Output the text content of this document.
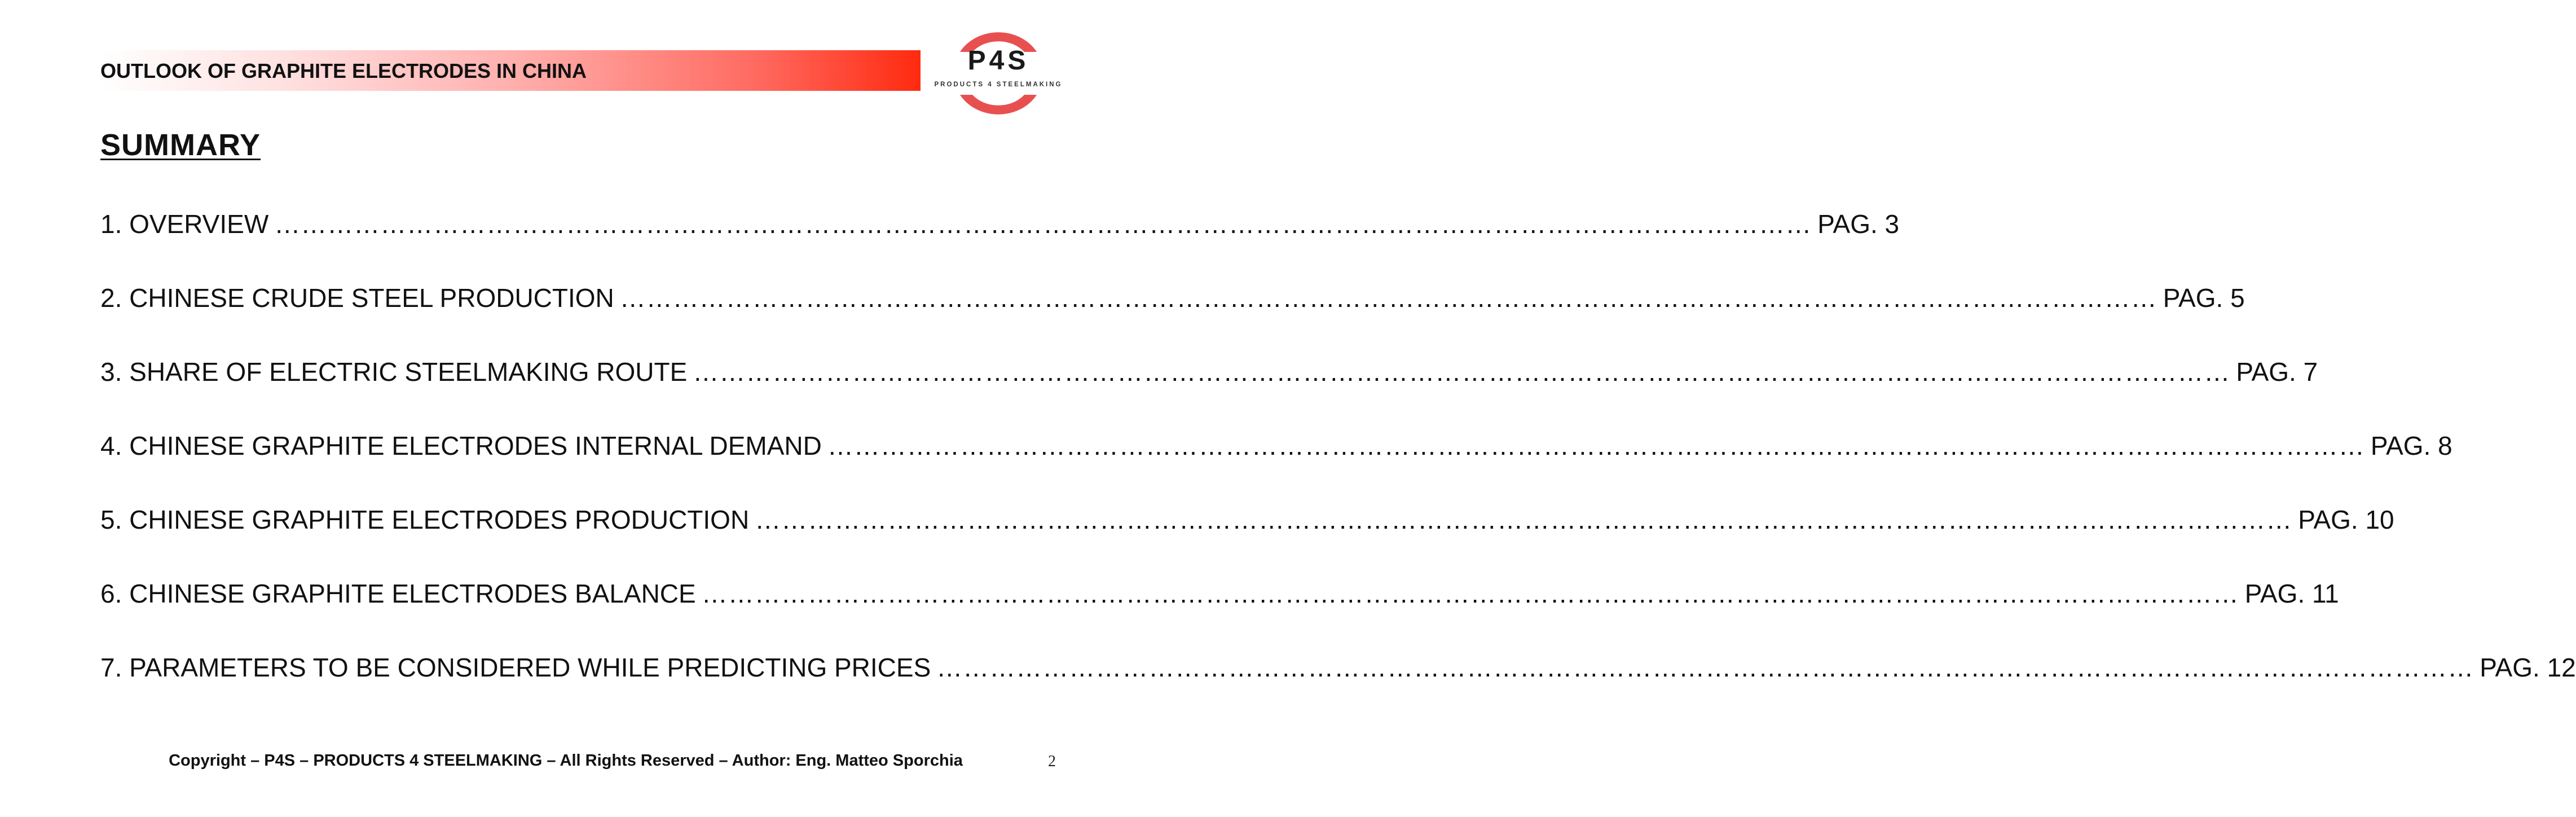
OUTLOOK OF GRAPHITE ELECTRODES IN CHINA	P4S
PRODUCTS 4 STEELMAKING
SUMMARY
1. OVERVIEW ………………………………………………………………………………………………………………………………………………………… PAG. 3
2. CHINESE CRUDE STEEL PRODUCTION ………………………………………………………………………………………………………………………………………………………… PAG. 5
3. SHARE OF ELECTRIC STEELMAKING ROUTE ………………………………………………………………………………………………………………………………………………………… PAG. 7
4. CHINESE GRAPHITE ELECTRODES INTERNAL DEMAND ………………………………………………………………………………………………………………………………………………………… PAG. 8
5. CHINESE GRAPHITE ELECTRODES PRODUCTION ………………………………………………………………………………………………………………………………………………………… PAG. 10
6. CHINESE GRAPHITE ELECTRODES BALANCE ………………………………………………………………………………………………………………………………………………………… PAG. 11
7. PARAMETERS TO BE CONSIDERED WHILE PREDICTING PRICES ………………………………………………………………………………………………………………………………………………………… PAG. 12
Copyright – P4S – PRODUCTS 4 STEELMAKING – All Rights Reserved – Author: Eng. Matteo Sporchia	2
